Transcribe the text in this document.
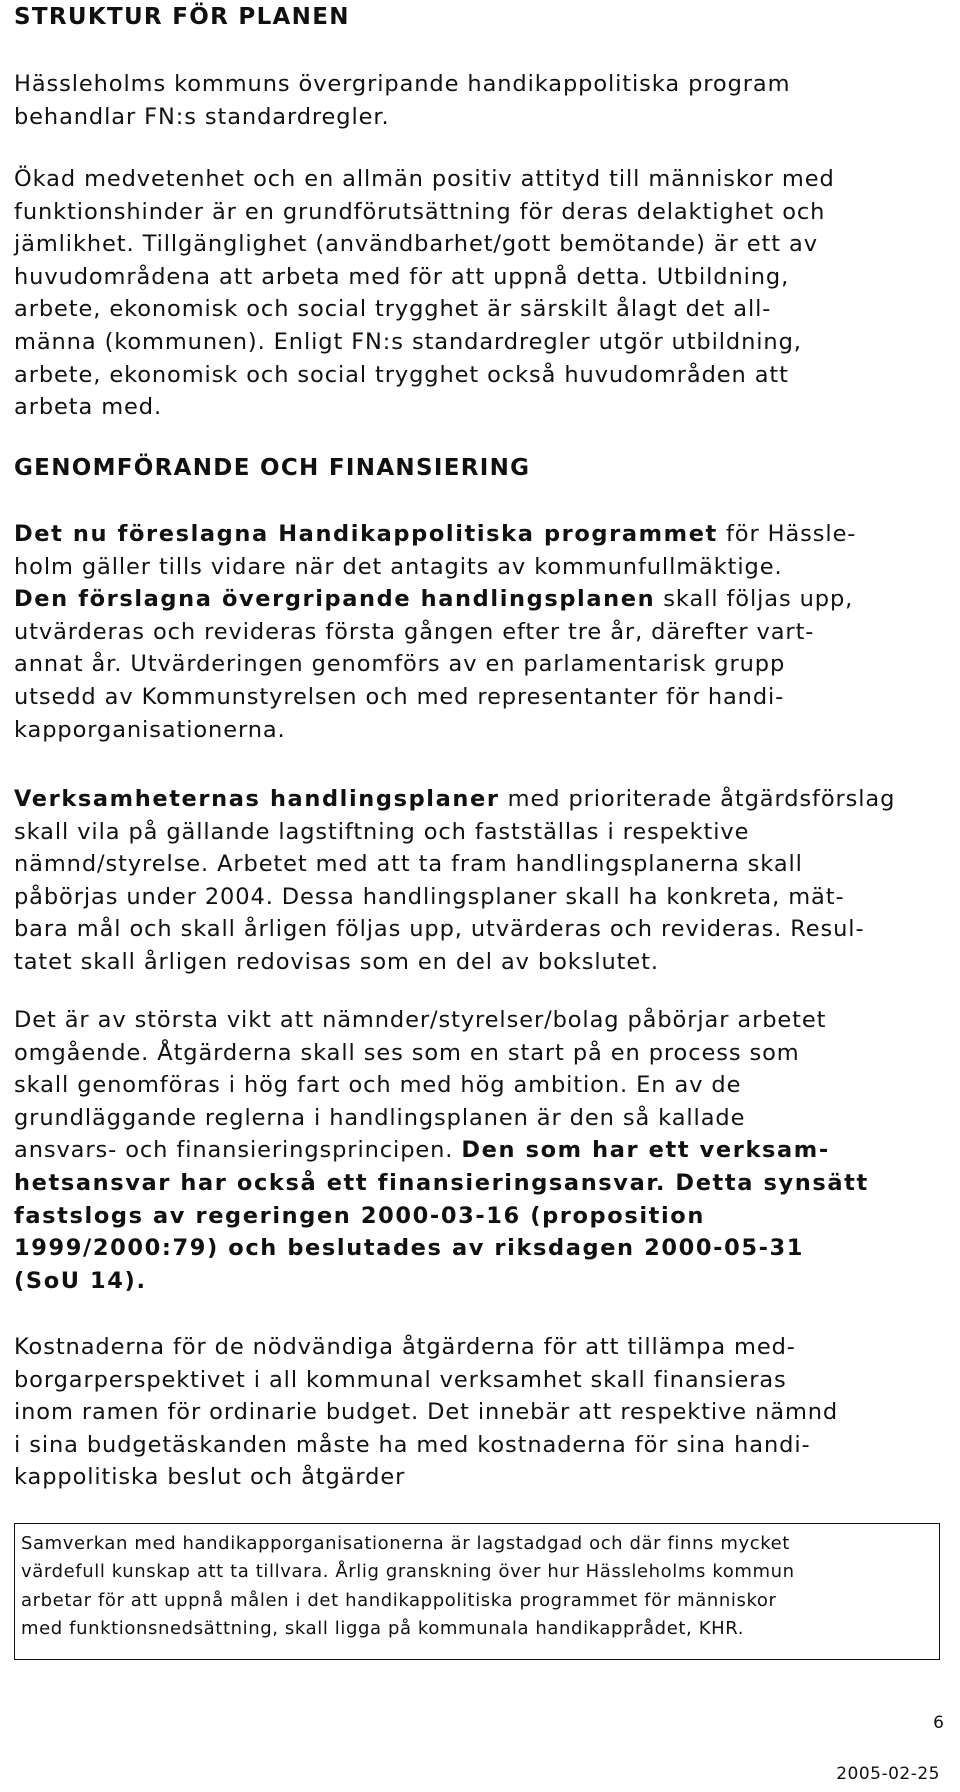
STRUKTUR FÖR PLANEN

Hässleholms kommuns övergripande handikappolitiska program
behandlar FN:s standardregler.

Ökad medvetenhet och en allmän positiv attityd till människor med
funktionshinder är en grundförutsättning för deras delaktighet och
jämlikhet. Tillgänglighet (användbarhet/gott bemötande) är ett av
huvudområdena att arbeta med för att uppnå detta. Utbildning,
arbete, ekonomisk och social trygghet är särskilt ålagt det all-
männa (kommunen). Enligt FN:s standardregler utgör utbildning,
arbete, ekonomisk och social trygghet också huvudområden att
arbeta med.

GENOMFÖRANDE OCH FINANSIERING

Det nu föreslagna Handikappolitiska programmet för Hässle-
holm gäller tills vidare när det antagits av kommunfullmäktige.
Den förslagna övergripande handlingsplanen skall följas upp,
utvärderas och revideras första gången efter tre år, därefter vart-
annat år. Utvärderingen genomförs av en parlamentarisk grupp
utsedd av Kommunstyrelsen och med representanter för handi-
kapporganisationerna.

Verksamheternas handlingsplaner med prioriterade åtgärdsförslag
skall vila på gällande lagstiftning och fastställas i respektive
nämnd/styrelse. Arbetet med att ta fram handlingsplanerna skall
påbörjas under 2004. Dessa handlingsplaner skall ha konkreta, mät-
bara mål och skall årligen följas upp, utvärderas och revideras. Resul-
tatet skall årligen redovisas som en del av bokslutet.

Det är av största vikt att nämnder/styrelser/bolag påbörjar arbetet
omgående. Åtgärderna skall ses som en start på en process som
skall genomföras i hög fart och med hög ambition. En av de
grundläggande reglerna i handlingsplanen är den så kallade
ansvars- och finansieringsprincipen. Den som har ett verksam-
hetsansvar har också ett finansieringsansvar. Detta synsätt
fastslogs av regeringen 2000-03-16 (proposition
1999/2000:79) och beslutades av riksdagen 2000-05-31
(SoU 14).

Kostnaderna för de nödvändiga åtgärderna för att tillämpa med-
borgarperspektivet i all kommunal verksamhet skall finansieras
inom ramen för ordinarie budget. Det innebär att respektive nämnd
i sina budgetäskanden måste ha med kostnaderna för sina handi-
kappolitiska beslut och åtgärder

Samverkan med handikapporganisationerna är lagstadgad och där finns mycket
värdefull kunskap att ta tillvara. Årlig granskning över hur Hässleholms kommun
arbetar för att uppnå målen i det handikappolitiska programmet för människor
med funktionsnedsättning, skall ligga på kommunala handikapprådet, KHR.

6

2005-02-25
